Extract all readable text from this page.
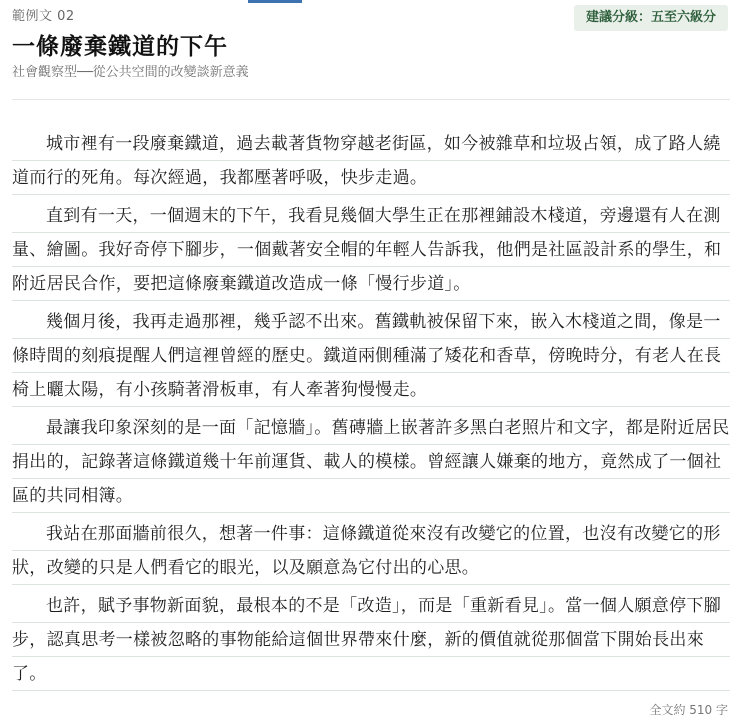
範例文 02	建議分級：五至六級分
一條廢棄鐵道的下午
社會觀察型──從公共空間的改變談新意義

城市裡有一段廢棄鐵道，過去載著貨物穿越老街區，如今被雜草和垃圾占領，成了路人繞道而行的死角。每次經過，我都壓著呼吸，快步走過。

直到有一天，一個週末的下午，我看見幾個大學生正在那裡鋪設木棧道，旁邊還有人在測量、繪圖。我好奇停下腳步，一個戴著安全帽的年輕人告訴我，他們是社區設計系的學生，和附近居民合作，要把這條廢棄鐵道改造成一條「慢行步道」。

幾個月後，我再走過那裡，幾乎認不出來。舊鐵軌被保留下來，嵌入木棧道之間，像是一條時間的刻痕提醒人們這裡曾經的歷史。鐵道兩側種滿了矮花和香草，傍晚時分，有老人在長椅上曬太陽，有小孩騎著滑板車，有人牽著狗慢慢走。

最讓我印象深刻的是一面「記憶牆」。舊磚牆上嵌著許多黑白老照片和文字，都是附近居民捐出的，記錄著這條鐵道幾十年前運貨、載人的模樣。曾經讓人嫌棄的地方，竟然成了一個社區的共同相簿。

我站在那面牆前很久，想著一件事：這條鐵道從來沒有改變它的位置，也沒有改變它的形狀，改變的只是人們看它的眼光，以及願意為它付出的心思。

也許，賦予事物新面貌，最根本的不是「改造」，而是「重新看見」。當一個人願意停下腳步，認真思考一樣被忽略的事物能給這個世界帶來什麼，新的價值就從那個當下開始長出來了。

全文約 510 字
